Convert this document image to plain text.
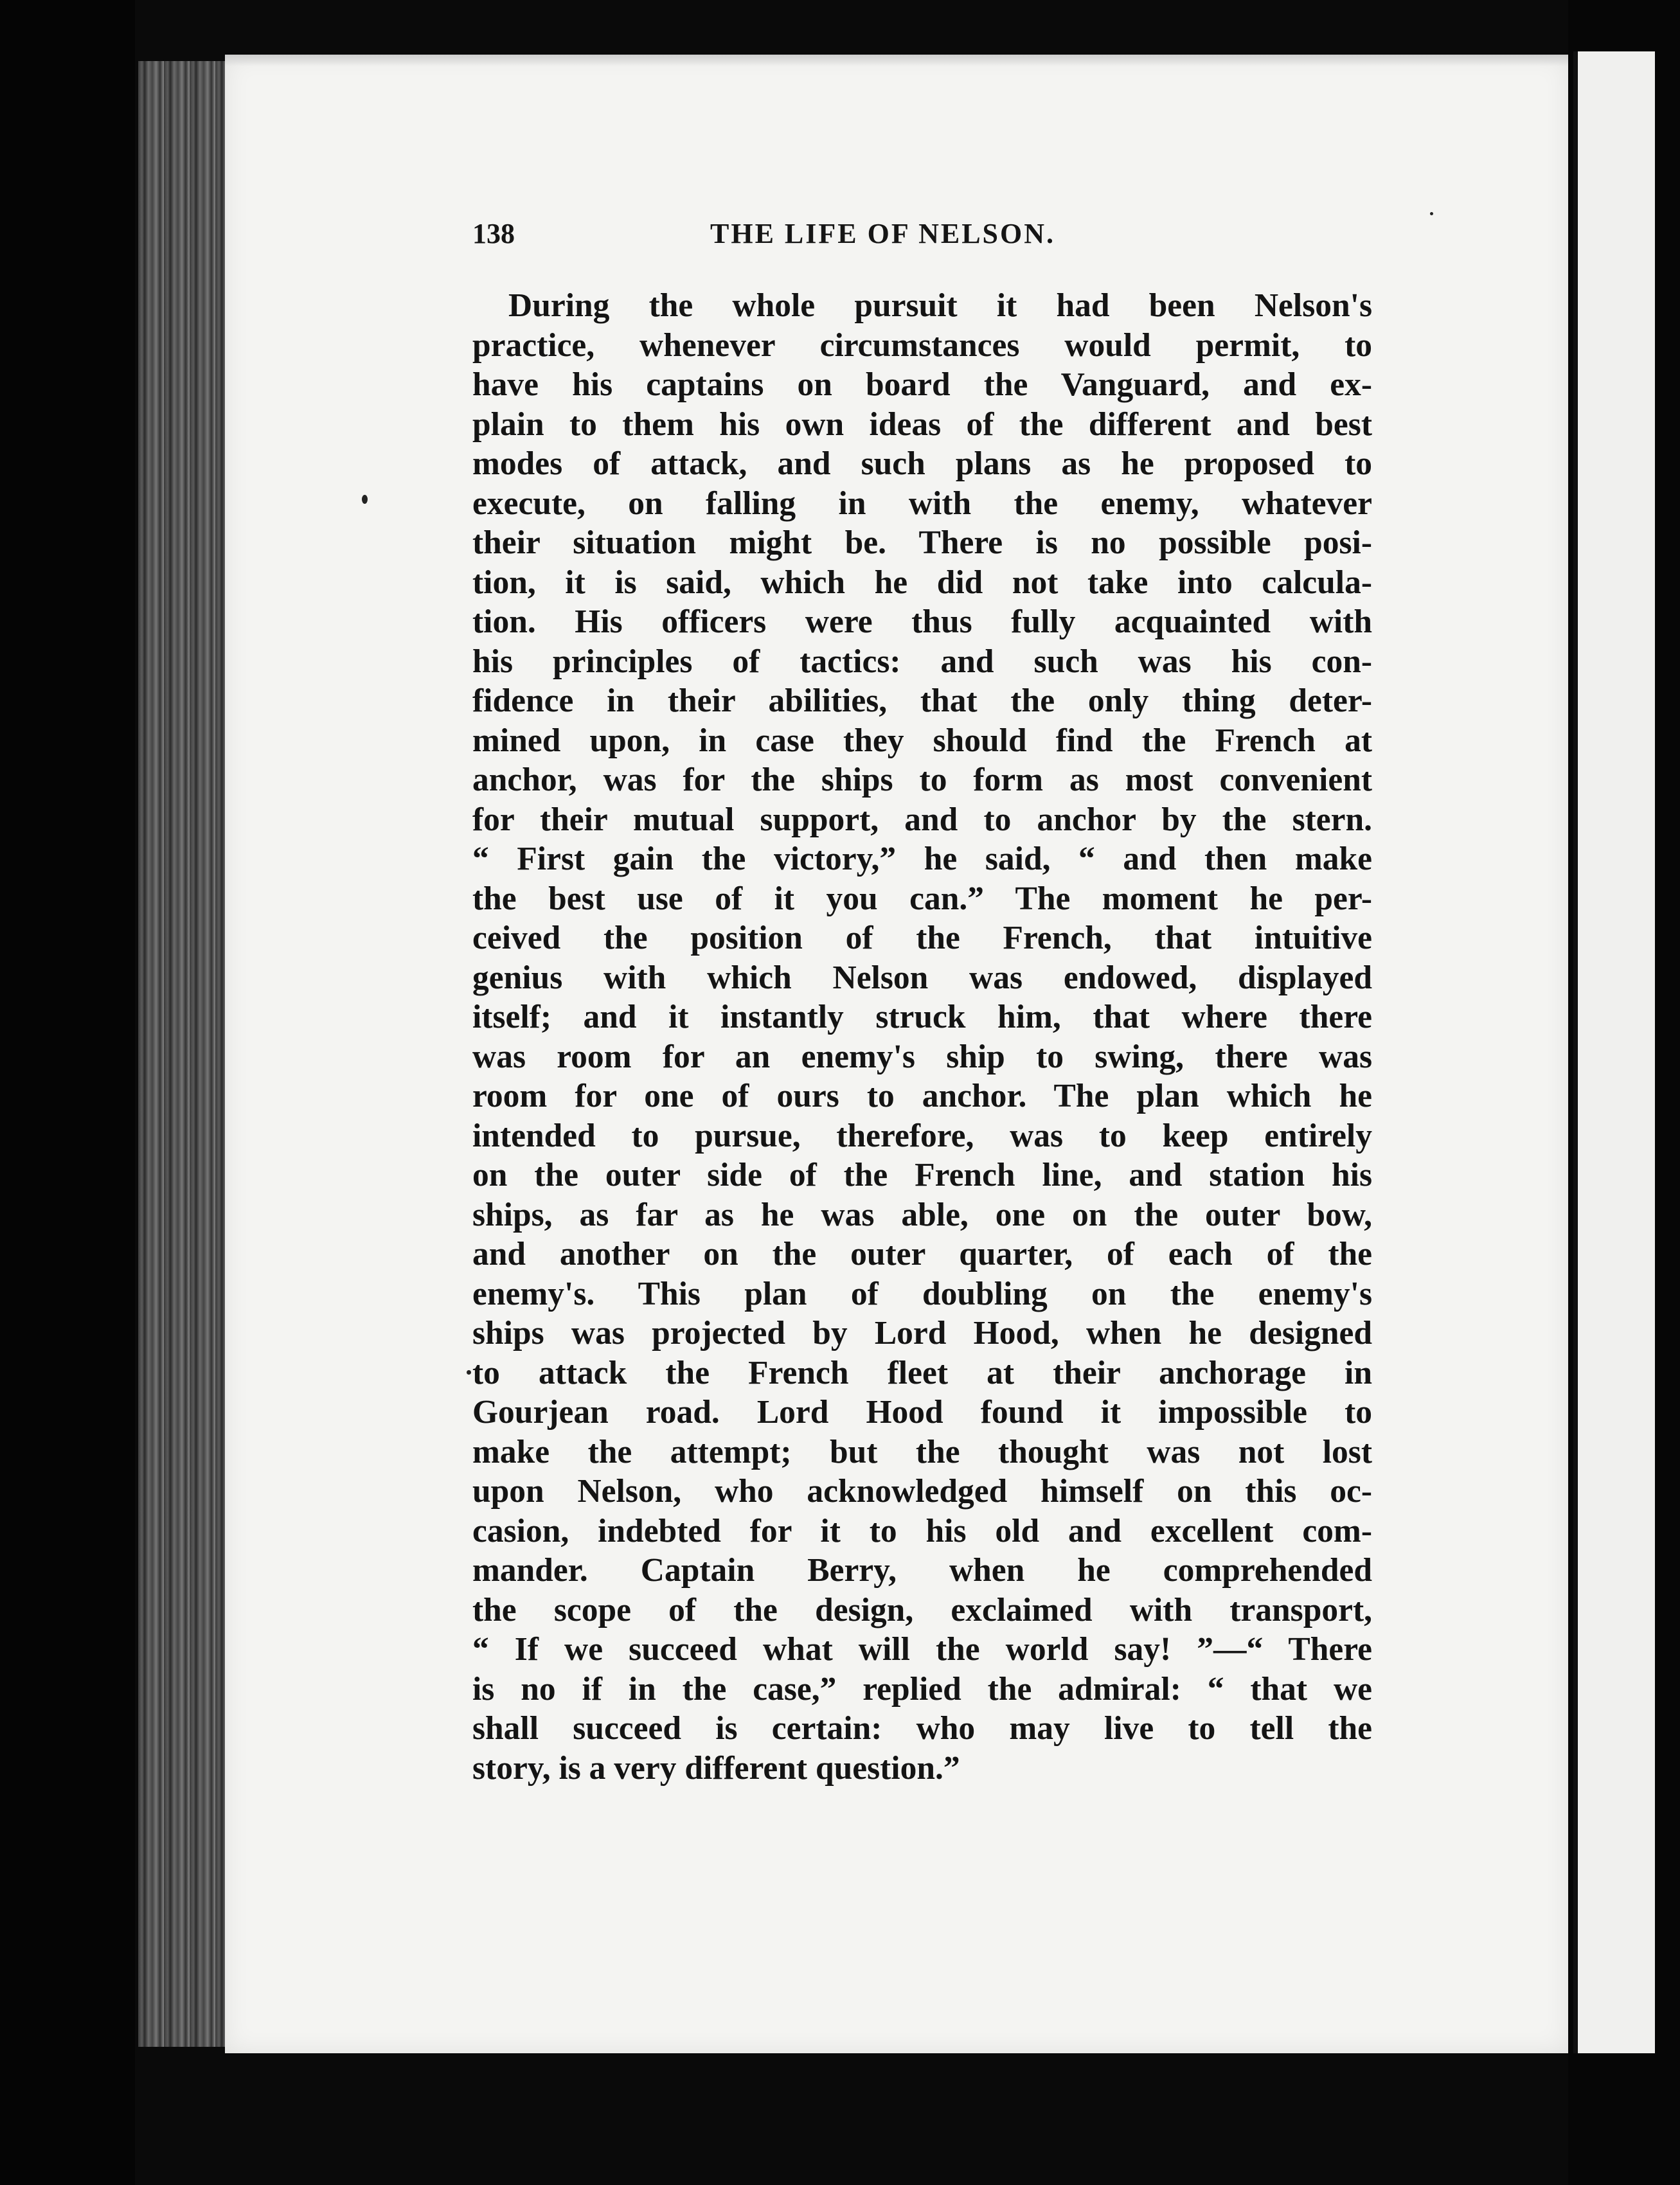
138	THE LIFE OF NELSON.
During the whole pursuit it had been Nelson's
practice, whenever circumstances would permit, to
have his captains on board the Vanguard, and ex-
plain to them his own ideas of the different and best
modes of attack, and such plans as he proposed to
execute, on falling in with the enemy, whatever
their situation might be. There is no possible posi-
tion, it is said, which he did not take into calcula-
tion. His officers were thus fully acquainted with
his principles of tactics: and such was his con-
fidence in their abilities, that the only thing deter-
mined upon, in case they should find the French at
anchor, was for the ships to form as most convenient
for their mutual support, and to anchor by the stern.
“ First gain the victory,” he said, “ and then make
the best use of it you can.” The moment he per-
ceived the position of the French, that intuitive
genius with which Nelson was endowed, displayed
itself; and it instantly struck him, that where there
was room for an enemy's ship to swing, there was
room for one of ours to anchor. The plan which he
intended to pursue, therefore, was to keep entirely
on the outer side of the French line, and station his
ships, as far as he was able, one on the outer bow,
and another on the outer quarter, of each of the
enemy's. This plan of doubling on the enemy's
ships was projected by Lord Hood, when he designed
to attack the French fleet at their anchorage in
Gourjean road. Lord Hood found it impossible to
make the attempt; but the thought was not lost
upon Nelson, who acknowledged himself on this oc-
casion, indebted for it to his old and excellent com-
mander. Captain Berry, when he comprehended
the scope of the design, exclaimed with transport,
“ If we succeed what will the world say! ”—“ There
is no if in the case,” replied the admiral: “ that we
shall succeed is certain: who may live to tell the
story, is a very different question.”
